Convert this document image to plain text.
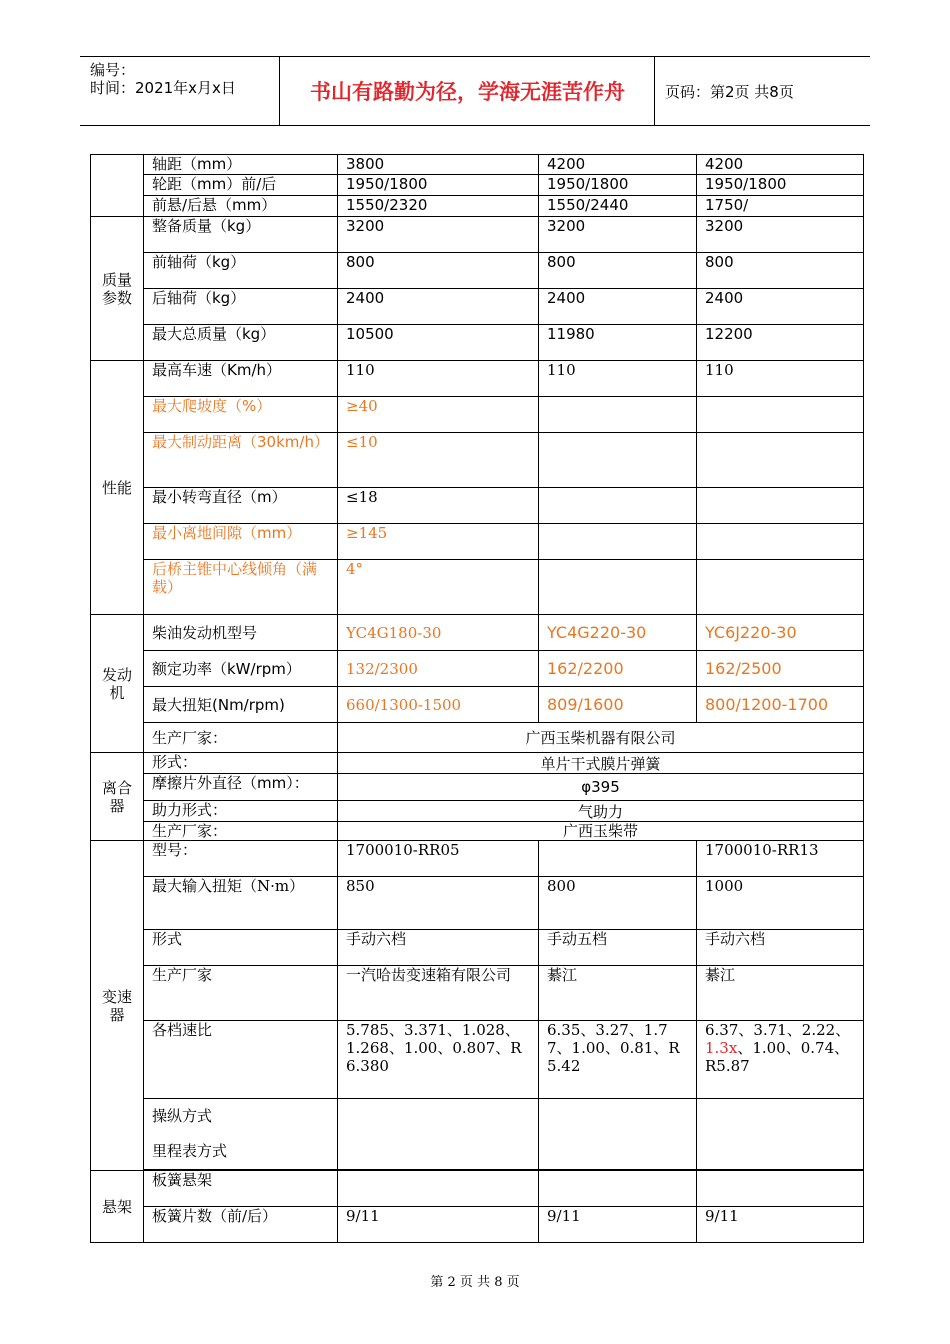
编号：
时间：2021年x月x日	书山有路勤为径，学海无涯苦作舟	页码：第2页 共8页
	轴距（mm）	3800	4200	4200
	轮距（mm）前/后	1950/1800	1950/1800	1950/1800
	前悬/后悬（mm）	1550/2320	1550/2440	1750/
质量参数	整备质量（kg）	3200	3200	3200
	前轴荷（kg）	800	800	800
	后轴荷（kg）	2400	2400	2400
	最大总质量（kg）	10500	11980	12200
性能	最高车速（Km/h）	110	110	110
	最大爬坡度（%）	≥40		
	最大制动距离（30km/h）	≤10		
	最小转弯直径（m）	≤18		
	最小离地间隙（mm）	≥145		
	后桥主锥中心线倾角（满载）	4°		
发动机	柴油发动机型号	YC4G180-30	YC4G220-30	YC6J220-30
	额定功率（kW/rpm）	132/2300	162/2200	162/2500
	最大扭矩(Nm/rpm)	660/1300-1500	809/1600	800/1200-1700
	生产厂家：	广西玉柴机器有限公司		
离合器	形式：	单片干式膜片弹簧		
	摩擦片外直径（mm）：	φ395		
	助力形式：	气助力		
	生产厂家：	广西玉柴带		
变速器	型号：	1700010-RR05		1700010-RR13
	最大输入扭矩（N·m）	850	800	1000
	形式	手动六档	手动五档	手动六档
	生产厂家	一汽哈齿变速箱有限公司	綦江	綦江
	各档速比	5.785、3.371、1.028、1.268、1.00、0.807、R6.380	6.35、3.27、1.77、1.00、0.81、R5.42	6.37、3.71、2.22、1.3x、1.00、0.74、R5.87

	操纵方式
里程表方式			

悬架	板簧悬架			
	板簧片数（前/后）	9/11	9/11	9/11
第 2 页 共 8 页
